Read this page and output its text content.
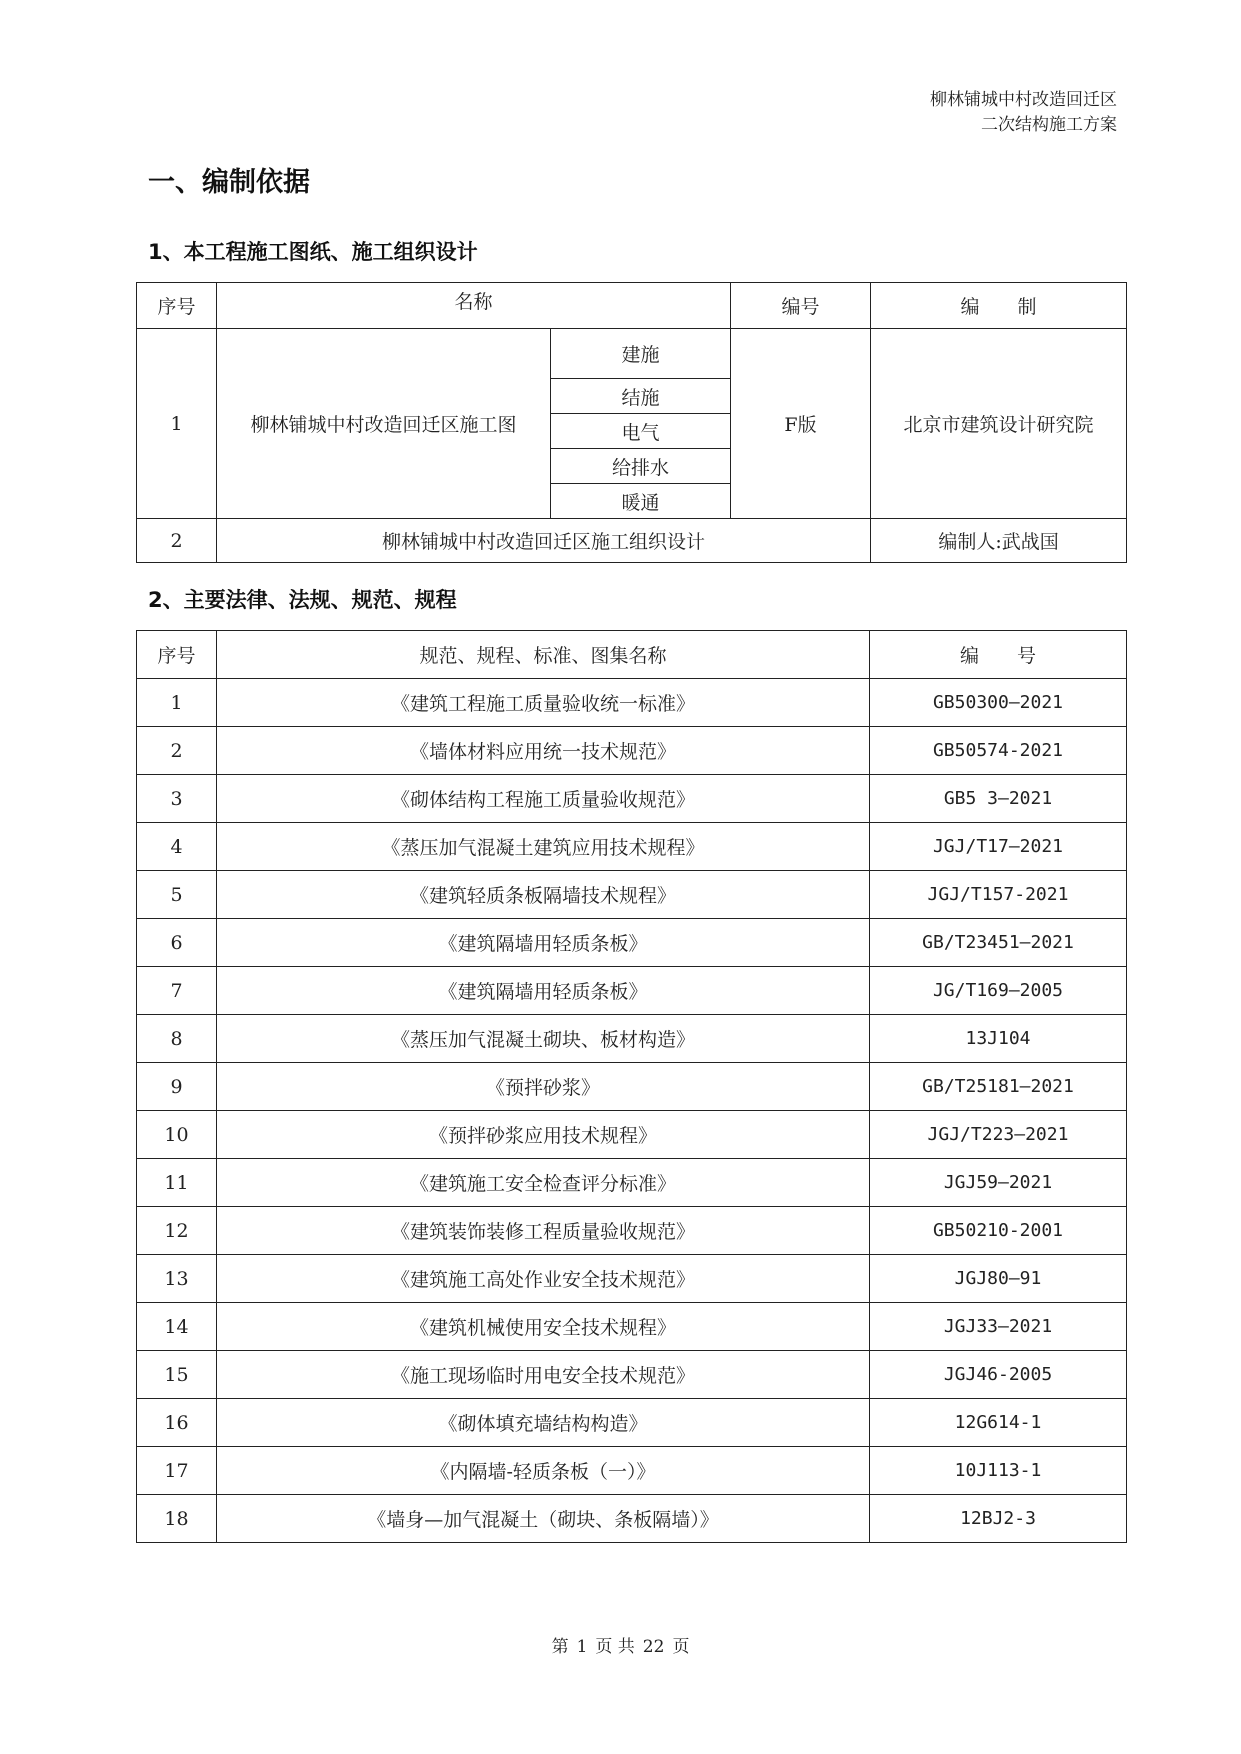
柳林铺城中村改造回迁区
二次结构施工方案
一、编制依据
1、本工程施工图纸、施工组织设计
序号	名称		编号	编　　制
1	柳林铺城中村改造回迁区施工图	建施	F版	北京市建筑设计研究院
		结施		
		电气		
		给排水		
		暖通		
2	柳林铺城中村改造回迁区施工组织设计			编制人:武战国
2、主要法律、法规、规范、规程
序号	规范、规程、标准、图集名称	编　　号
1	《建筑工程施工质量验收统一标准》	GB50300—2021
2	《墙体材料应用统一技术规范》	GB50574-2021
3	《砌体结构工程施工质量验收规范》	GB5 3—2021
4	《蒸压加气混凝土建筑应用技术规程》	JGJ/T17—2021
5	《建筑轻质条板隔墙技术规程》	JGJ/T157-2021
6	《建筑隔墙用轻质条板》	GB/T23451—2021
7	《建筑隔墙用轻质条板》	JG/T169—2005
8	《蒸压加气混凝土砌块、板材构造》	13J104
9	《预拌砂浆》	GB/T25181—2021
10	《预拌砂浆应用技术规程》	JGJ/T223—2021
11	《建筑施工安全检查评分标准》	JGJ59—2021
12	《建筑装饰装修工程质量验收规范》	GB50210-2001
13	《建筑施工高处作业安全技术规范》	JGJ80—91
14	《建筑机械使用安全技术规程》	JGJ33—2021
15	《施工现场临时用电安全技术规范》	JGJ46-2005
16	《砌体填充墙结构构造》	12G614-1
17	《内隔墙-轻质条板（一）》	10J113-1
18	《墙身—加气混凝土（砌块、条板隔墙）》	12BJ2-3
第 1 页 共 22 页
